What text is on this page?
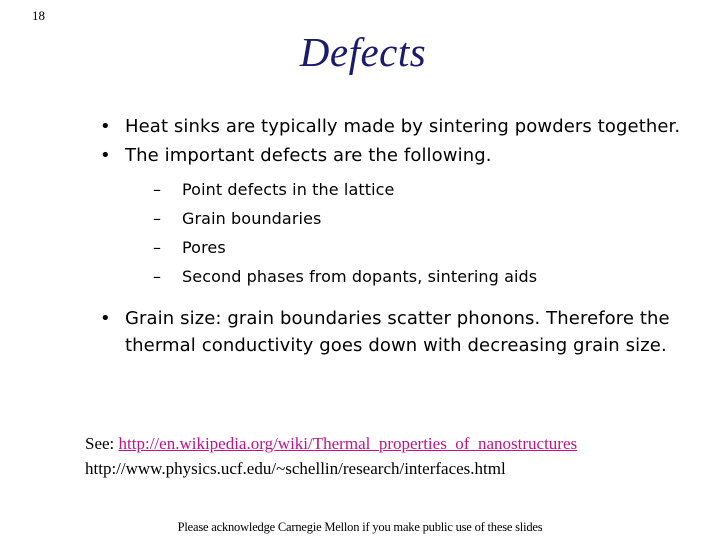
18
Defects
• Heat sinks are typically made by sintering powders together.
• The important defects are the following.
– Point defects in the lattice
– Grain boundaries
– Pores
– Second phases from dopants, sintering aids
• Grain size: grain boundaries scatter phonons. Therefore the thermal conductivity goes down with decreasing grain size.
See: http://en.wikipedia.org/wiki/Thermal_properties_of_nanostructures
http://www.physics.ucf.edu/~schellin/research/interfaces.html
Please acknowledge Carnegie Mellon if you make public use of these slides
